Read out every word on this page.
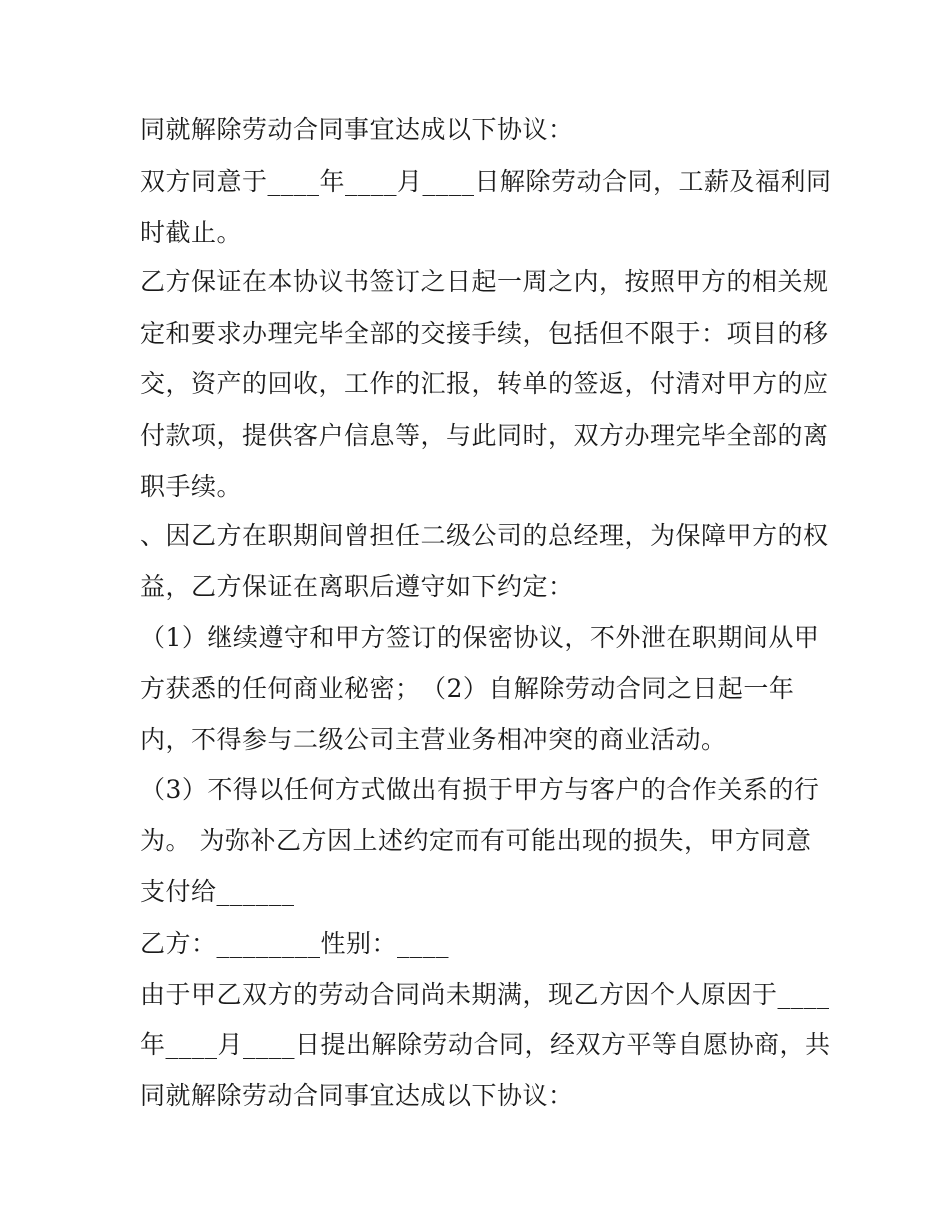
同就解除劳动合同事宜达成以下协议：
双方同意于____年____月____日解除劳动合同，工薪及福利同
时截止。
乙方保证在本协议书签订之日起一周之内，按照甲方的相关规
定和要求办理完毕全部的交接手续，包括但不限于：项目的移
交，资产的回收，工作的汇报，转单的签返，付清对甲方的应
付款项，提供客户信息等，与此同时，双方办理完毕全部的离
职手续。
、因乙方在职期间曾担任二级公司的总经理，为保障甲方的权
益，乙方保证在离职后遵守如下约定：
（1）继续遵守和甲方签订的保密协议，不外泄在职期间从甲
方获悉的任何商业秘密；　（2）自解除劳动合同之日起一年
内，不得参与二级公司主营业务相冲突的商业活动。
（3）不得以任何方式做出有损于甲方与客户的合作关系的行
为。 为弥补乙方因上述约定而有可能出现的损失，甲方同意
支付给______
乙方：________性别：____
由于甲乙双方的劳动合同尚未期满，现乙方因个人原因于____
年____月____日提出解除劳动合同，经双方平等自愿协商，共
同就解除劳动合同事宜达成以下协议：
